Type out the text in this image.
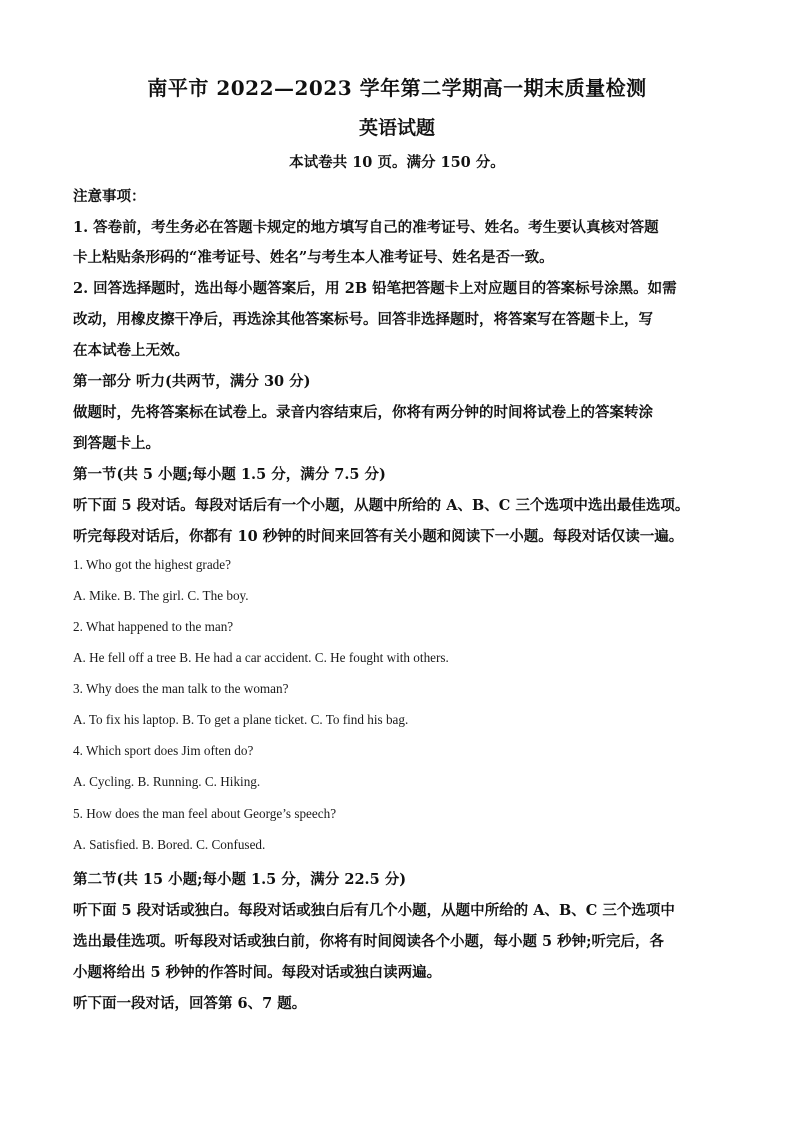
南平市 2022—2023 学年第二学期高一期末质量检测
英语试题
本试卷共 10 页。满分 150 分。
注意事项：
1. 答卷前，考生务必在答题卡规定的地方填写自己的准考证号、姓名。考生要认真核对答题
卡上粘贴条形码的“准考证号、姓名”与考生本人准考证号、姓名是否一致。
2. 回答选择题时，选出每小题答案后，用 2B 铅笔把答题卡上对应题目的答案标号涂黑。如需
改动，用橡皮擦干净后，再选涂其他答案标号。回答非选择题时，将答案写在答题卡上，写
在本试卷上无效。
第一部分 听力(共两节，满分 30 分)
做题时，先将答案标在试卷上。录音内容结束后，你将有两分钟的时间将试卷上的答案转涂
到答题卡上。
第一节(共 5 小题;每小题 1.5 分，满分 7.5 分)
听下面 5 段对话。每段对话后有一个小题，从题中所给的 A、B、C 三个选项中选出最佳选项。
听完每段对话后，你都有 10 秒钟的时间来回答有关小题和阅读下一小题。每段对话仅读一遍。
1. Who got the highest grade?
A. Mike. B. The girl. C. The boy.
2. What happened to the man?
A. He fell off a tree B. He had a car accident. C. He fought with others.
3. Why does the man talk to the woman?
A. To fix his laptop. B. To get a plane ticket. C. To find his bag.
4. Which sport does Jim often do?
A. Cycling. B. Running. C. Hiking.
5. How does the man feel about George’s speech?
A. Satisfied. B. Bored. C. Confused.
第二节(共 15 小题;每小题 1.5 分，满分 22.5 分)
听下面 5 段对话或独白。每段对话或独白后有几个小题，从题中所给的 A、B、C 三个选项中
选出最佳选项。听每段对话或独白前，你将有时间阅读各个小题，每小题 5 秒钟;听完后，各
小题将给出 5 秒钟的作答时间。每段对话或独白读两遍。
听下面一段对话，回答第 6、7 题。
